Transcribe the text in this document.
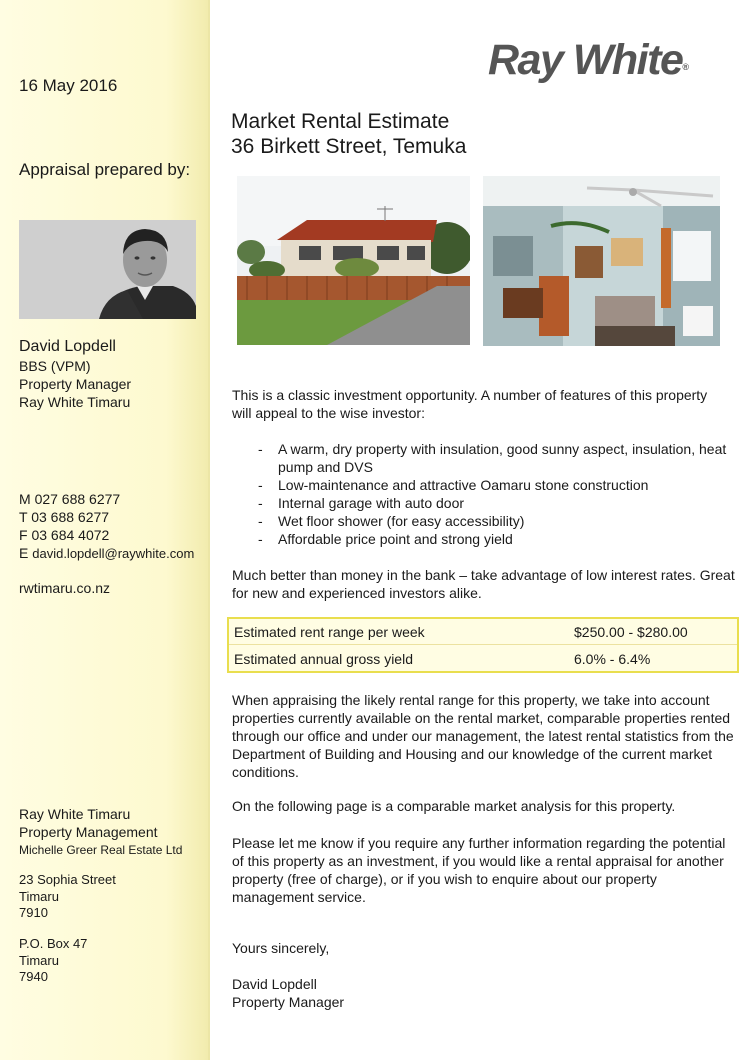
16 May 2016
Appraisal prepared by:
David Lopdell
BBS (VPM)
Property Manager
Ray White Timaru
M 027 688 6277
T 03 688 6277
F 03 684 4072
E david.lopdell@raywhite.com
rwtimaru.co.nz
Ray White Timaru
Property Management
Michelle Greer Real Estate Ltd
23 Sophia Street
Timaru
7910
P.O. Box 47
Timaru
7940
Ray White®
Market Rental Estimate
36 Birkett Street, Temuka

This is a classic investment opportunity. A number of features of this property will appeal to the wise investor:

- A warm, dry property with insulation, good sunny aspect, insulation, heat pump and DVS
- Low-maintenance and attractive Oamaru stone construction
- Internal garage with auto door
- Wet floor shower (for easy accessibility)
- Affordable price point and strong yield

Much better than money in the bank – take advantage of low interest rates. Great for new and experienced investors alike.

Estimated rent range per week	$250.00 - $280.00
Estimated annual gross yield	6.0% - 6.4%

When appraising the likely rental range for this property, we take into account properties currently available on the rental market, comparable properties rented through our office and under our management, the latest rental statistics from the Department of Building and Housing and our knowledge of the current market conditions.

On the following page is a comparable market analysis for this property.

Please let me know if you require any further information regarding the potential of this property as an investment, if you would like a rental appraisal for another property (free of charge), or if you wish to enquire about our property management service.

Yours sincerely,
David Lopdell
Property Manager
